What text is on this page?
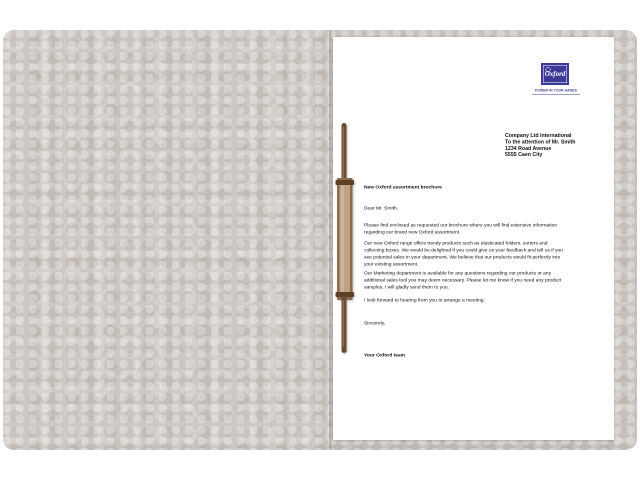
Oxford
POWER IN YOUR HANDS
Company Ltd international
To the attention of Mr. Smith
1234 Road Avenue
5555 Caen City
New Oxford assortment brochure
Dear Mr. Smith,
Please find enclosed as requested our brochure where you will find extensive information
regarding our brand new Oxford assortment.
Our new Oxford range offers trendy products such as elasticated folders, sorters and
collecting boxes. We would be delighted if you could give us your feedback and tell us if you
see potential sales in your department. We believe that our products would fit perfectly into
your existing assortment.
Our Marketing department is available for any questions regarding our products or any
additional sales tool you may deem necessary. Please let me know if you need any product
samples, I will gladly send them to you.
I look forward to hearing from you to arrange a meeting.
Sincerely,
Your Oxford team
